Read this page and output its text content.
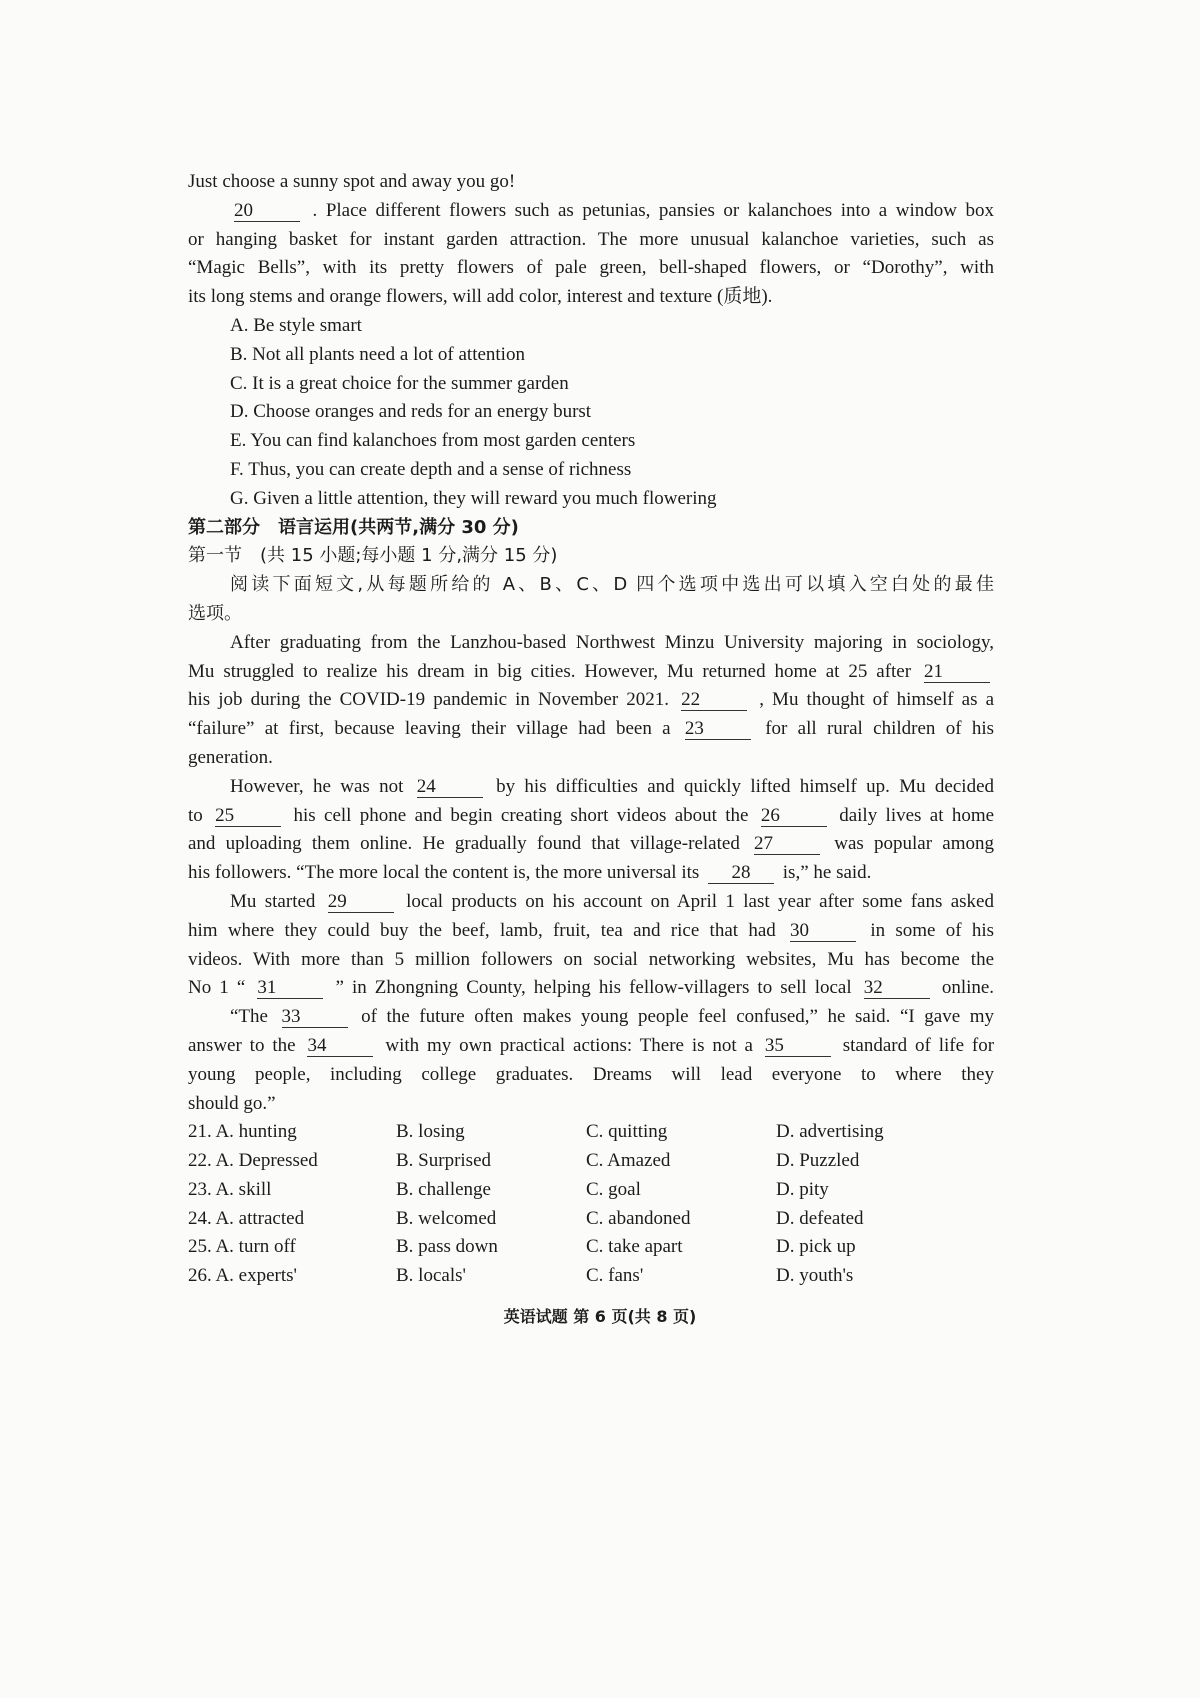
Just choose a sunny spot and away you go!
20	. Place different flowers such as petunias, pansies or kalanchoes into a window box
or hanging basket for instant garden attraction. The more unusual kalanchoe varieties, such as
“Magic Bells”, with its pretty flowers of pale green, bell-shaped flowers, or “Dorothy”, with
its long stems and orange flowers, will add color, interest and texture (质地).
A. Be style smart
B. Not all plants need a lot of attention
C. It is a great choice for the summer garden
D. Choose oranges and reds for an energy burst
E. You can find kalanchoes from most garden centers
F. Thus, you can create depth and a sense of richness
G. Given a little attention, they will reward you much flowering
第二部分　语言运用(共两节,满分 30 分)
第一节　(共 15 小题;每小题 1 分,满分 15 分)
阅读下面短文,从每题所给的 A、B、C、D 四个选项中选出可以填入空白处的最佳
选项。
After graduating from the Lanzhou-based Northwest Minzu University majoring in sociology,
Mu struggled to realize his dream in big cities. However, Mu returned home at 25 after 21
his job during the COVID-19 pandemic in November 2021. 22	, Mu thought of himself as a
“failure” at first, because leaving their village had been a 23	for all rural children of his
generation.
However, he was not 24	by his difficulties and quickly lifted himself up. Mu decided
to 25	his cell phone and begin creating short videos about the 26	daily lives at home
and uploading them online. He gradually found that village-related 27	was popular among
his followers. “The more local the content is, the more universal its 28 is,” he said.
Mu started 29	local products on his account on April 1 last year after some fans asked
him where they could buy the beef, lamb, fruit, tea and rice that had 30	in some of his
videos. With more than 5 million followers on social networking websites, Mu has become the
No 1 “ 31	” in Zhongning County, helping his fellow-villagers to sell local 32	online.
“The 33	of the future often makes young people feel confused,” he said. “I gave my
answer to the 34	with my own practical actions: There is not a 35	standard of life for
young people, including college graduates. Dreams will lead everyone to where they
should go.”
21. A. hunting	B. losing	C. quitting	D. advertising
22. A. Depressed	B. Surprised	C. Amazed	D. Puzzled
23. A. skill	B. challenge	C. goal	D. pity
24. A. attracted	B. welcomed	C. abandoned	D. defeated
25. A. turn off	B. pass down	C. take apart	D. pick up
26. A. experts'	B. locals'	C. fans'	D. youth's
英语试题 第 6 页(共 8 页)
